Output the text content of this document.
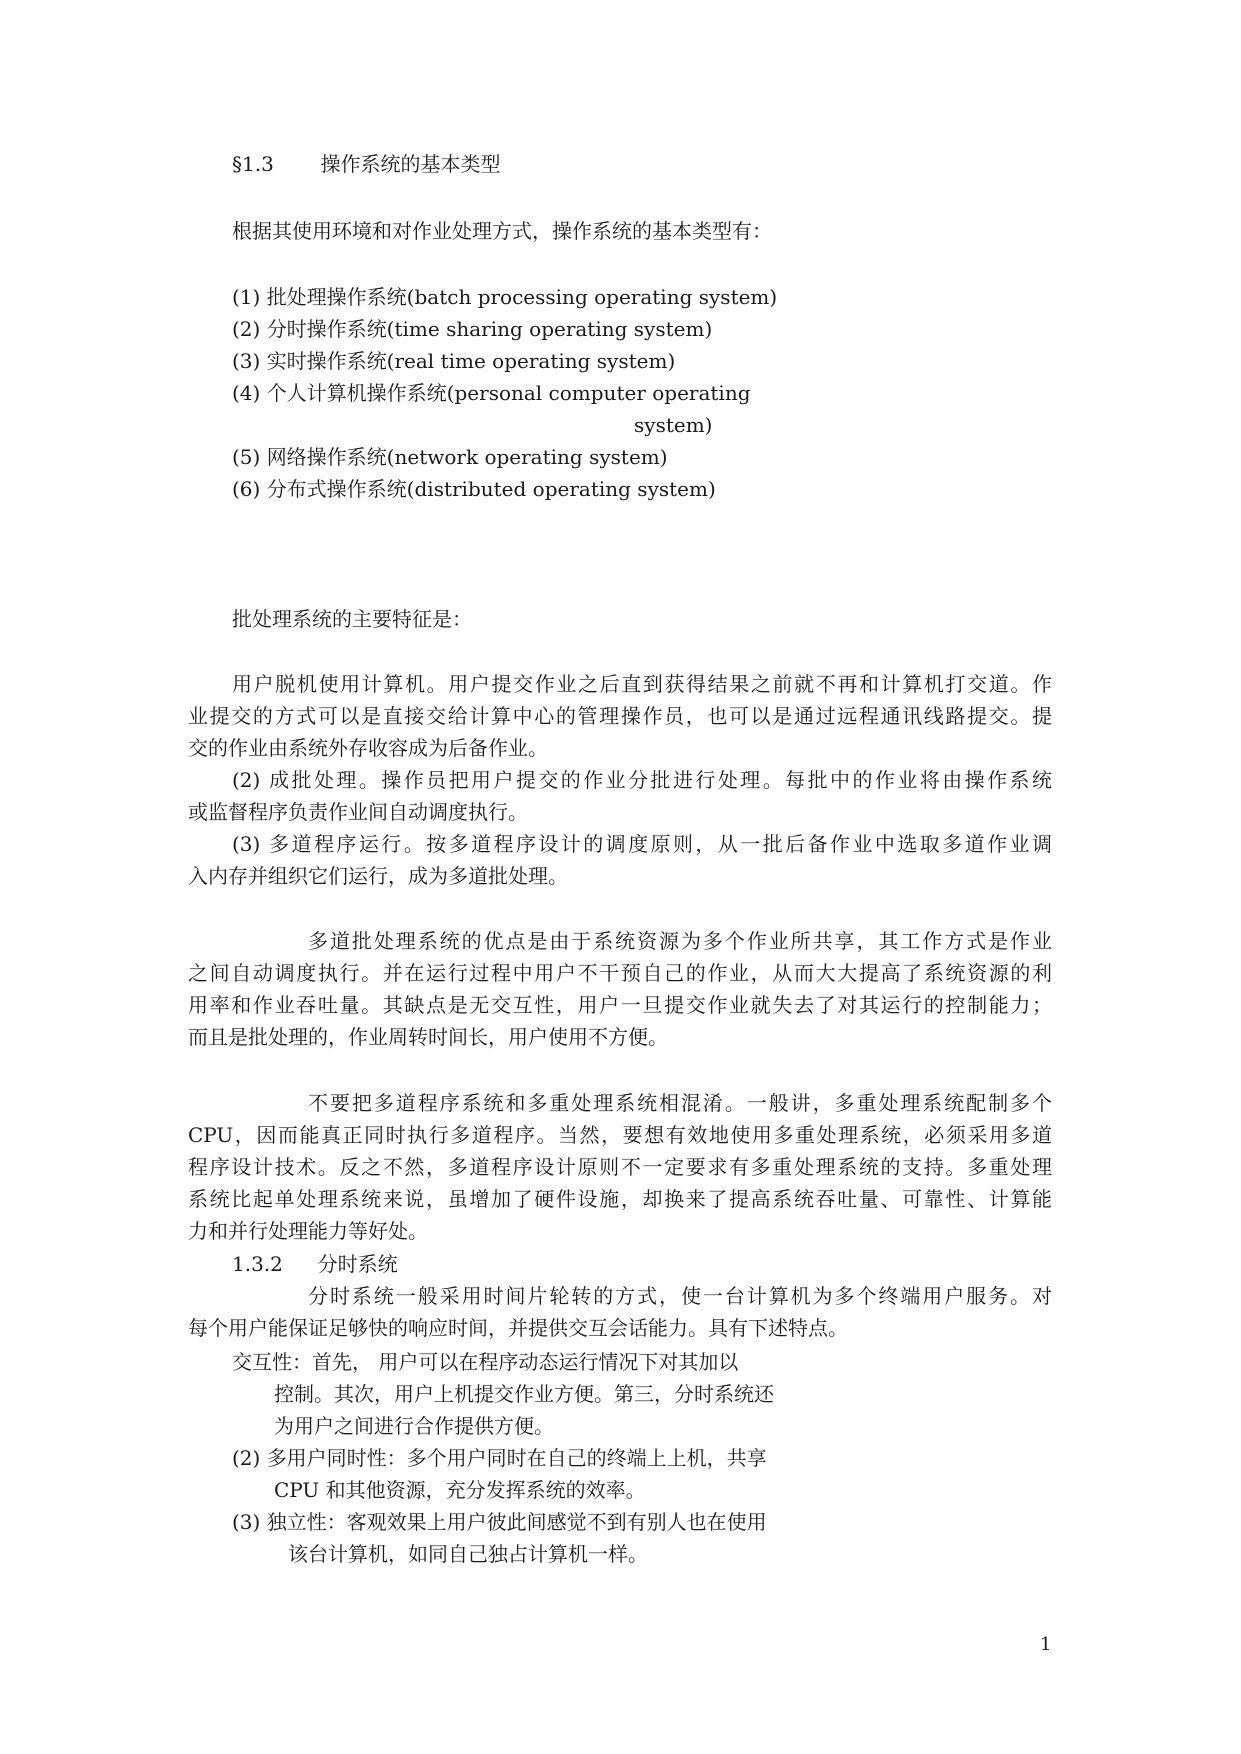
§1.3 操作系统的基本类型
根据其使用环境和对作业处理方式，操作系统的基本类型有：
(1) 批处理操作系统(batch processing operating system)
(2) 分时操作系统(time sharing operating system)
(3) 实时操作系统(real time operating system)
(4) 个人计算机操作系统(personal computer operating
system)
(5) 网络操作系统(network operating system)
(6) 分布式操作系统(distributed operating system)
批处理系统的主要特征是：
用户脱机使用计算机。用户提交作业之后直到获得结果之前就不再和计算机打交道。作
业提交的方式可以是直接交给计算中心的管理操作员，也可以是通过远程通讯线路提交。提
交的作业由系统外存收容成为后备作业。
(2) 成批处理。操作员把用户提交的作业分批进行处理。每批中的作业将由操作系统
或监督程序负责作业间自动调度执行。
(3) 多道程序运行。按多道程序设计的调度原则，从一批后备作业中选取多道作业调
入内存并组织它们运行，成为多道批处理。
多道批处理系统的优点是由于系统资源为多个作业所共享，其工作方式是作业
之间自动调度执行。并在运行过程中用户不干预自己的作业，从而大大提高了系统资源的利
用率和作业吞吐量。其缺点是无交互性，用户一旦提交作业就失去了对其运行的控制能力；
而且是批处理的，作业周转时间长，用户使用不方便。
不要把多道程序系统和多重处理系统相混淆。一般讲，多重处理系统配制多个
CPU，因而能真正同时执行多道程序。当然，要想有效地使用多重处理系统，必须采用多道
程序设计技术。反之不然，多道程序设计原则不一定要求有多重处理系统的支持。多重处理
系统比起单处理系统来说，虽增加了硬件设施，却换来了提高系统吞吐量、可靠性、计算能
力和并行处理能力等好处。
1.3.2 分时系统
分时系统一般采用时间片轮转的方式，使一台计算机为多个终端用户服务。对
每个用户能保证足够快的响应时间，并提供交互会话能力。具有下述特点。
交互性：首先， 用户可以在程序动态运行情况下对其加以
控制。其次，用户上机提交作业方便。第三，分时系统还
为用户之间进行合作提供方便。
(2) 多用户同时性：多个用户同时在自己的终端上上机，共享
CPU 和其他资源，充分发挥系统的效率。
(3) 独立性：客观效果上用户彼此间感觉不到有别人也在使用
该台计算机，如同自己独占计算机一样。
1
